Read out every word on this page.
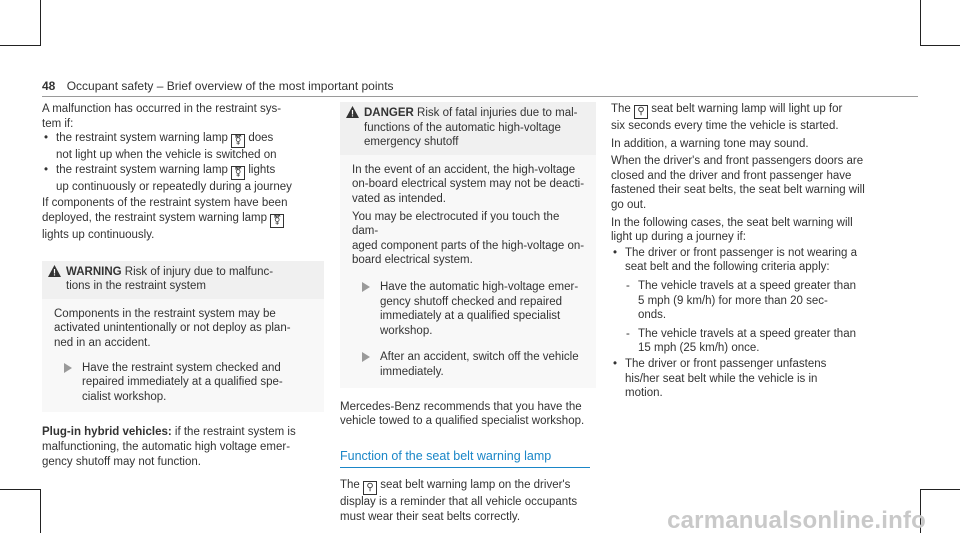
48 Occupant safety – Brief overview of the most important points

A malfunction has occurred in the restraint sys-
tem if:

• the restraint system warning lamp ⚧ does
not light up when the vehicle is switched on
• the restraint system warning lamp ⚧ lights
up continuously or repeatedly during a journey

If components of the restraint system have been
deployed, the restraint system warning lamp ⚧
lights up continuously.

WARNING Risk of injury due to malfunc-
tions in the restraint system

Components in the restraint system may be
activated unintentionally or not deploy as plan-
ned in an accident.

Have the restraint system checked and
repaired immediately at a qualified spe-
cialist workshop.

Plug-in hybrid vehicles: if the restraint system is
malfunctioning, the automatic high voltage emer-
gency shutoff may not function.

DANGER Risk of fatal injuries due to mal-
functions of the automatic high-voltage
emergency shutoff

In the event of an accident, the high-voltage
on-board electrical system may not be deacti-
vated as intended.

You may be electrocuted if you touch the dam-
aged component parts of the high-voltage on-
board electrical system.

Have the automatic high-voltage emer-
gency shutoff checked and repaired
immediately at a qualified specialist
workshop.
After an accident, switch off the vehicle
immediately.

Mercedes-Benz recommends that you have the
vehicle towed to a qualified specialist workshop.

Function of the seat belt warning lamp

The ⚲ seat belt warning lamp on the driver's
display is a reminder that all vehicle occupants
must wear their seat belts correctly.

The ⚲ seat belt warning lamp will light up for
six seconds every time the vehicle is started.

In addition, a warning tone may sound.

When the driver's and front passengers doors are
closed and the driver and front passenger have
fastened their seat belts, the seat belt warning will
go out.

In the following cases, the seat belt warning will
light up during a journey if:

• The driver or front passenger is not wearing a
seat belt and the following criteria apply:
- The vehicle travels at a speed greater than
5 mph (9 km/h) for more than 20 sec-
onds.
- The vehicle travels at a speed greater than
15 mph (25 km/h) once.
• The driver or front passenger unfastens
his/her seat belt while the vehicle is in
motion.
carmanualsonline.info
